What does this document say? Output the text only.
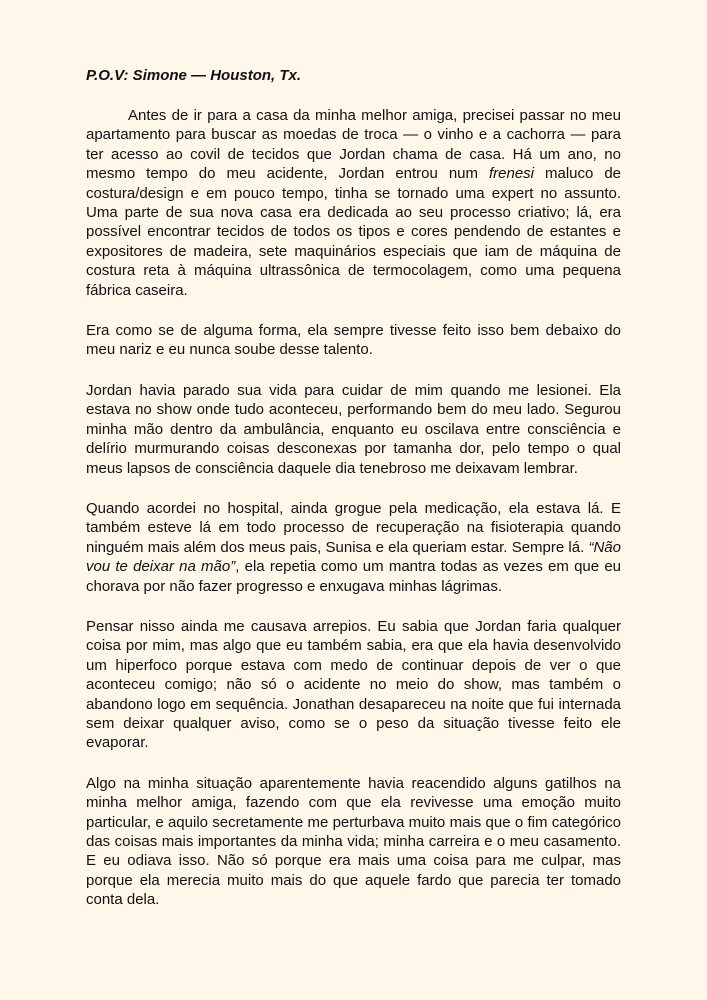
P.O.V: Simone — Houston, Tx.

Antes de ir para a casa da minha melhor amiga, precisei passar no meu apartamento para buscar as moedas de troca — o vinho e a cachorra — para ter acesso ao covil de tecidos que Jordan chama de casa. Há um ano, no mesmo tempo do meu acidente, Jordan entrou num frenesi maluco de costura/design e em pouco tempo, tinha se tornado uma expert no assunto. Uma parte de sua nova casa era dedicada ao seu processo criativo; lá, era possível encontrar tecidos de todos os tipos e cores pendendo de estantes e expositores de madeira, sete maquinários especiais que iam de máquina de costura reta à máquina ultrassônica de termocolagem, como uma pequena fábrica caseira.

Era como se de alguma forma, ela sempre tivesse feito isso bem debaixo do meu nariz e eu nunca soube desse talento.

Jordan havia parado sua vida para cuidar de mim quando me lesionei. Ela estava no show onde tudo aconteceu, performando bem do meu lado. Segurou minha mão dentro da ambulância, enquanto eu oscilava entre consciência e delírio murmurando coisas desconexas por tamanha dor, pelo tempo o qual meus lapsos de consciência daquele dia tenebroso me deixavam lembrar.

Quando acordei no hospital, ainda grogue pela medicação, ela estava lá. E também esteve lá em todo processo de recuperação na fisioterapia quando ninguém mais além dos meus pais, Sunisa e ela queriam estar. Sempre lá. “Não vou te deixar na mão”, ela repetia como um mantra todas as vezes em que eu chorava por não fazer progresso e enxugava minhas lágrimas.

Pensar nisso ainda me causava arrepios. Eu sabia que Jordan faria qualquer coisa por mim, mas algo que eu também sabia, era que ela havia desenvolvido um hiperfoco porque estava com medo de continuar depois de ver o que aconteceu comigo; não só o acidente no meio do show, mas também o abandono logo em sequência. Jonathan desapareceu na noite que fui internada sem deixar qualquer aviso, como se o peso da situação tivesse feito ele evaporar.

Algo na minha situação aparentemente havia reacendido alguns gatilhos na minha melhor amiga, fazendo com que ela revivesse uma emoção muito particular, e aquilo secretamente me perturbava muito mais que o fim categórico das coisas mais importantes da minha vida; minha carreira e o meu casamento. E eu odiava isso. Não só porque era mais uma coisa para me culpar, mas porque ela merecia muito mais do que aquele fardo que parecia ter tomado conta dela.
